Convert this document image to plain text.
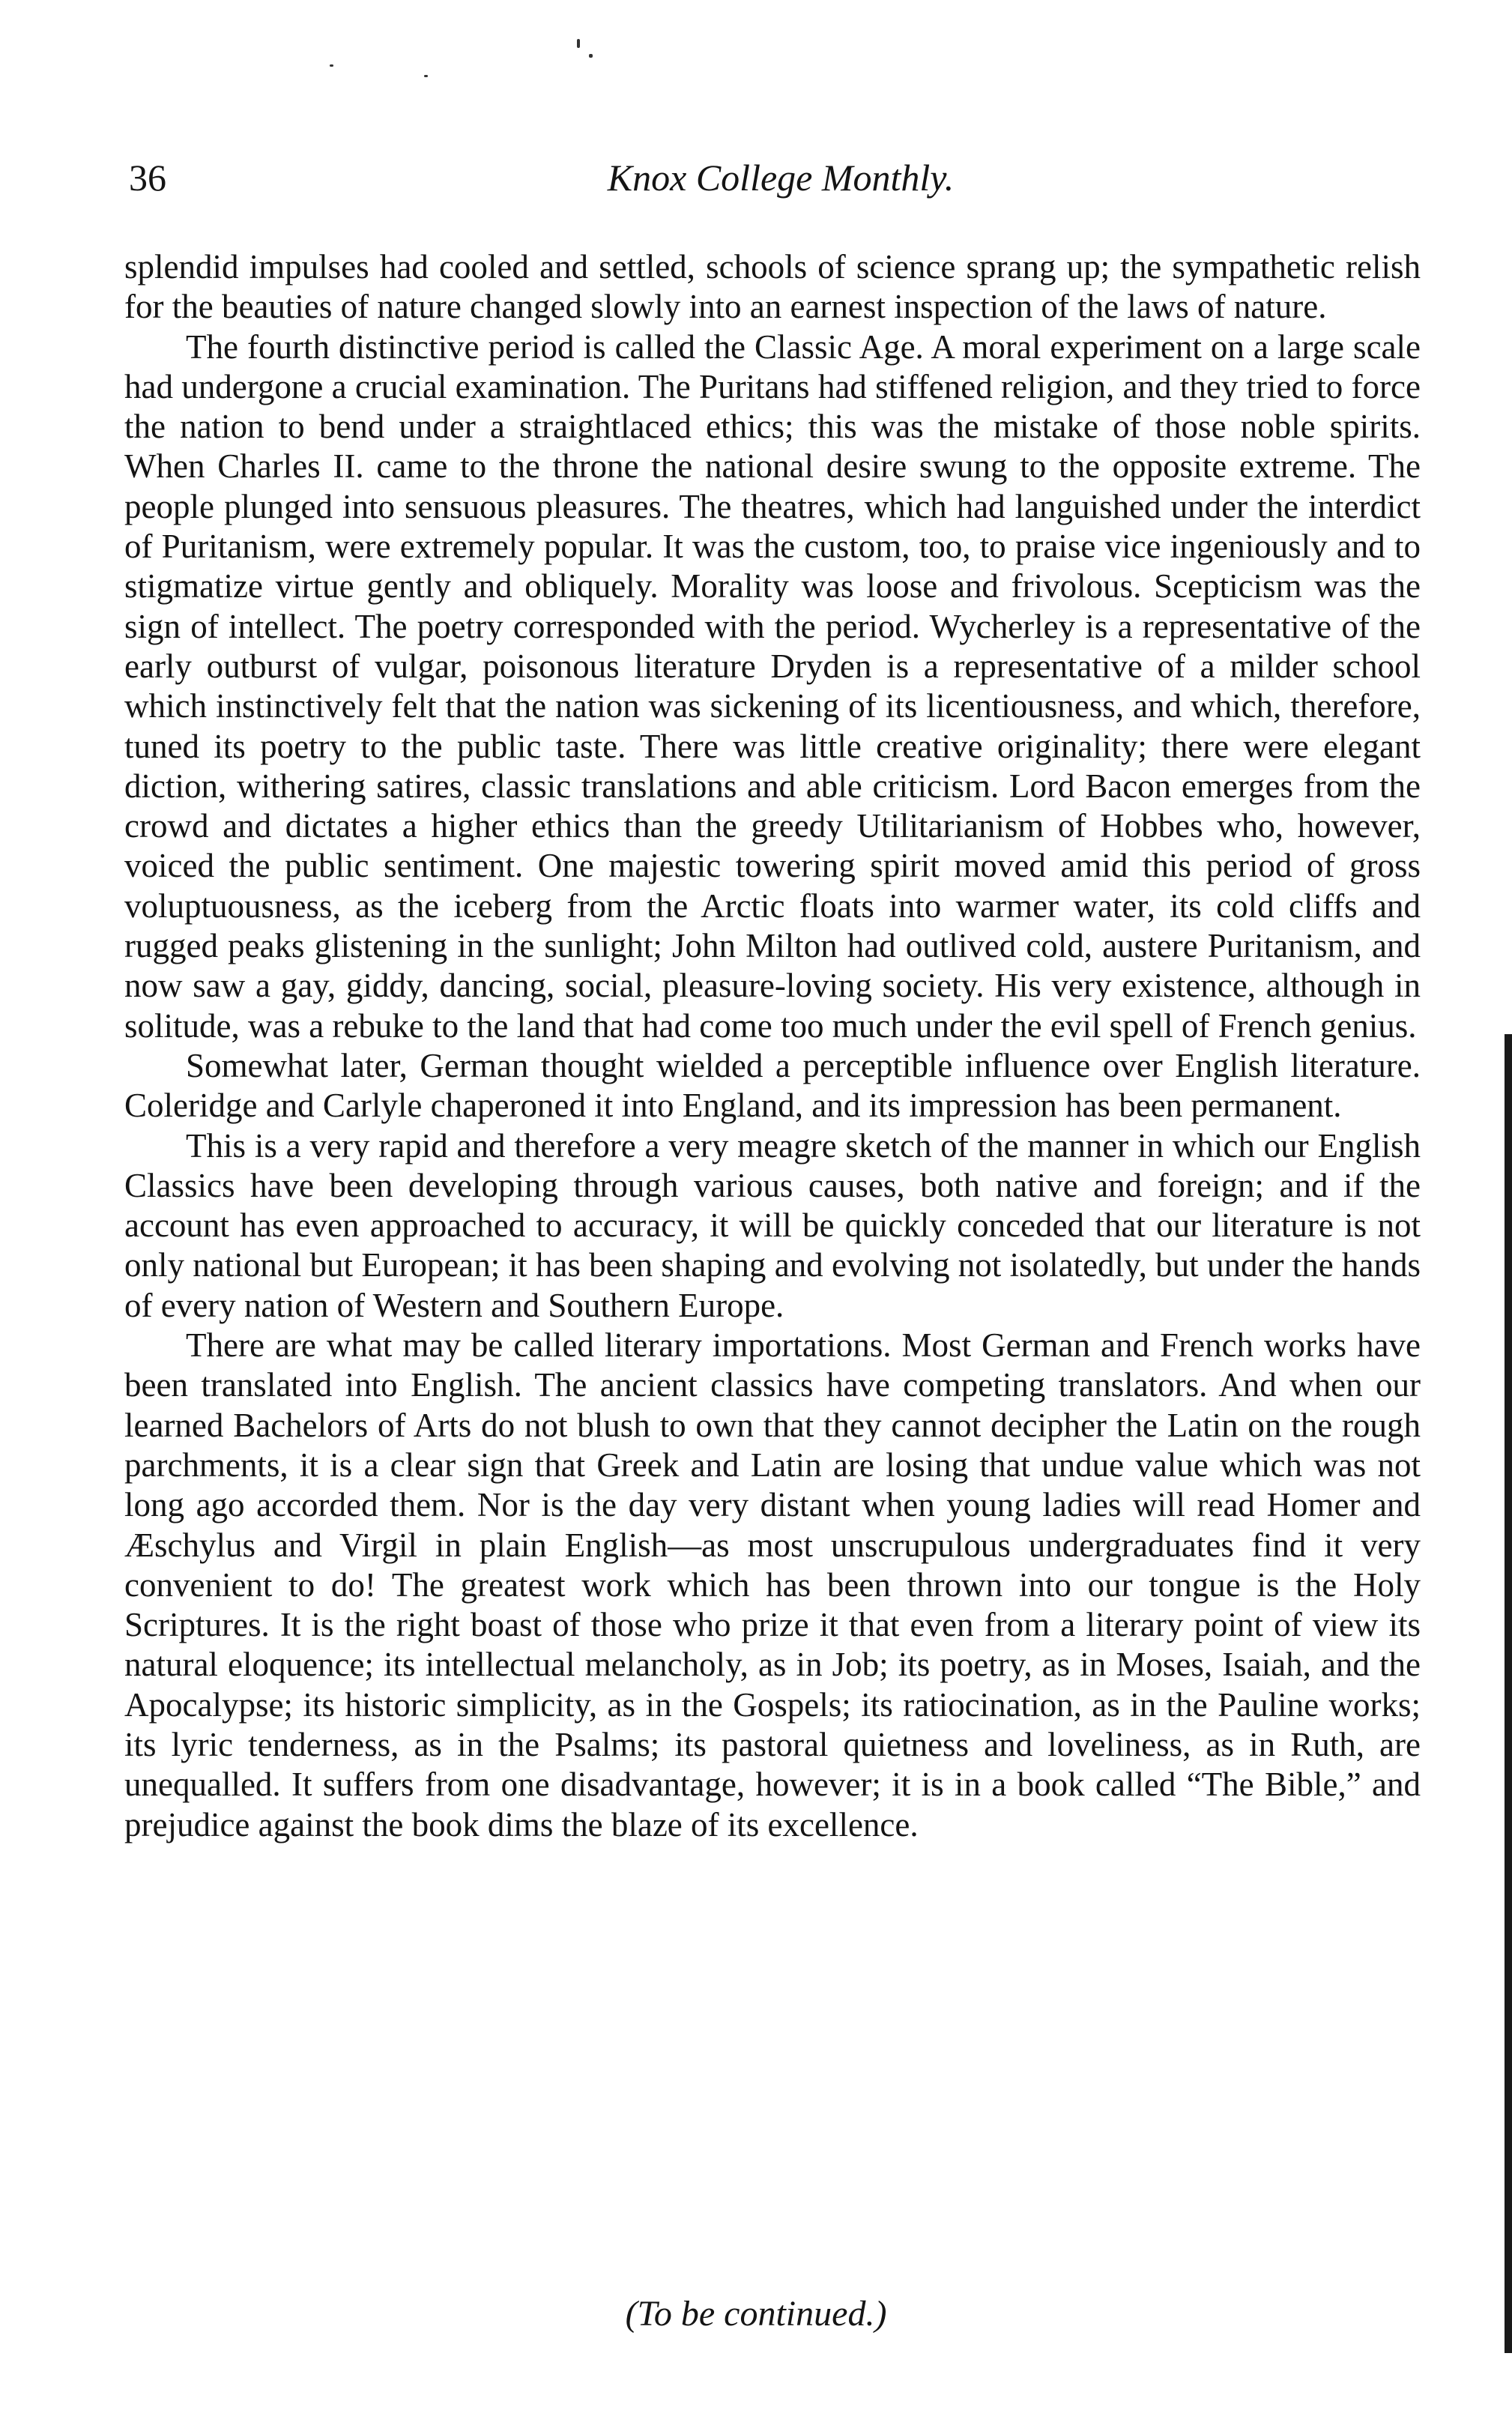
36	Knox College Monthly.

splendid impulses had cooled and settled, schools of science sprang up; the sympathetic relish for the beauties of nature changed slowly into an earnest inspection of the laws of nature.

The fourth distinctive period is called the Classic Age. A moral experiment on a large scale had undergone a crucial examination. The Puritans had stiffened religion, and they tried to force the nation to bend under a straightlaced ethics; this was the mistake of those noble spirits. When Charles II. came to the throne the national desire swung to the opposite extreme. The people plunged into sensuous pleasures. The theatres, which had languished under the interdict of Puritanism, were extremely popular. It was the custom, too, to praise vice ingeniously and to stigmatize virtue gently and obliquely. Morality was loose and frivolous. Scepticism was the sign of intellect. The poetry corresponded with the period. Wycherley is a representative of the early outburst of vulgar, poisonous literature Dryden is a representative of a milder school which instinctively felt that the nation was sickening of its licentiousness, and which, therefore, tuned its poetry to the public taste. There was little creative originality; there were elegant diction, withering satires, classic translations and able criticism. Lord Bacon emerges from the crowd and dictates a higher ethics than the greedy Utilitarianism of Hobbes who, however, voiced the public sentiment. One majestic towering spirit moved amid this period of gross voluptuousness, as the iceberg from the Arctic floats into warmer water, its cold cliffs and rugged peaks glistening in the sunlight; John Milton had outlived cold, austere Puritanism, and now saw a gay, giddy, dancing, social, pleasure-loving society. His very existence, although in solitude, was a rebuke to the land that had come too much under the evil spell of French genius.

Somewhat later, German thought wielded a perceptible influence over English literature. Coleridge and Carlyle chaperoned it into England, and its impression has been permanent.

This is a very rapid and therefore a very meagre sketch of the manner in which our English Classics have been developing through various causes, both native and foreign; and if the account has even approached to accuracy, it will be quickly conceded that our literature is not only national but European; it has been shaping and evolving not isolatedly, but under the hands of every nation of Western and Southern Europe.

There are what may be called literary importations. Most German and French works have been translated into English. The ancient classics have competing translators. And when our learned Bachelors of Arts do not blush to own that they cannot decipher the Latin on the rough parchments, it is a clear sign that Greek and Latin are losing that undue value which was not long ago accorded them. Nor is the day very distant when young ladies will read Homer and Æschylus and Virgil in plain English—as most unscrupulous undergraduates find it very convenient to do! The greatest work which has been thrown into our tongue is the Holy Scriptures. It is the right boast of those who prize it that even from a literary point of view its natural eloquence; its intellectual melancholy, as in Job; its poetry, as in Moses, Isaiah, and the Apocalypse; its historic simplicity, as in the Gospels; its ratiocination, as in the Pauline works; its lyric tenderness, as in the Psalms; its pastoral quietness and loveliness, as in Ruth, are unequalled. It suffers from one disadvantage, however; it is in a book called “The Bible,” and prejudice against the book dims the blaze of its excellence.

(To be continued.)
